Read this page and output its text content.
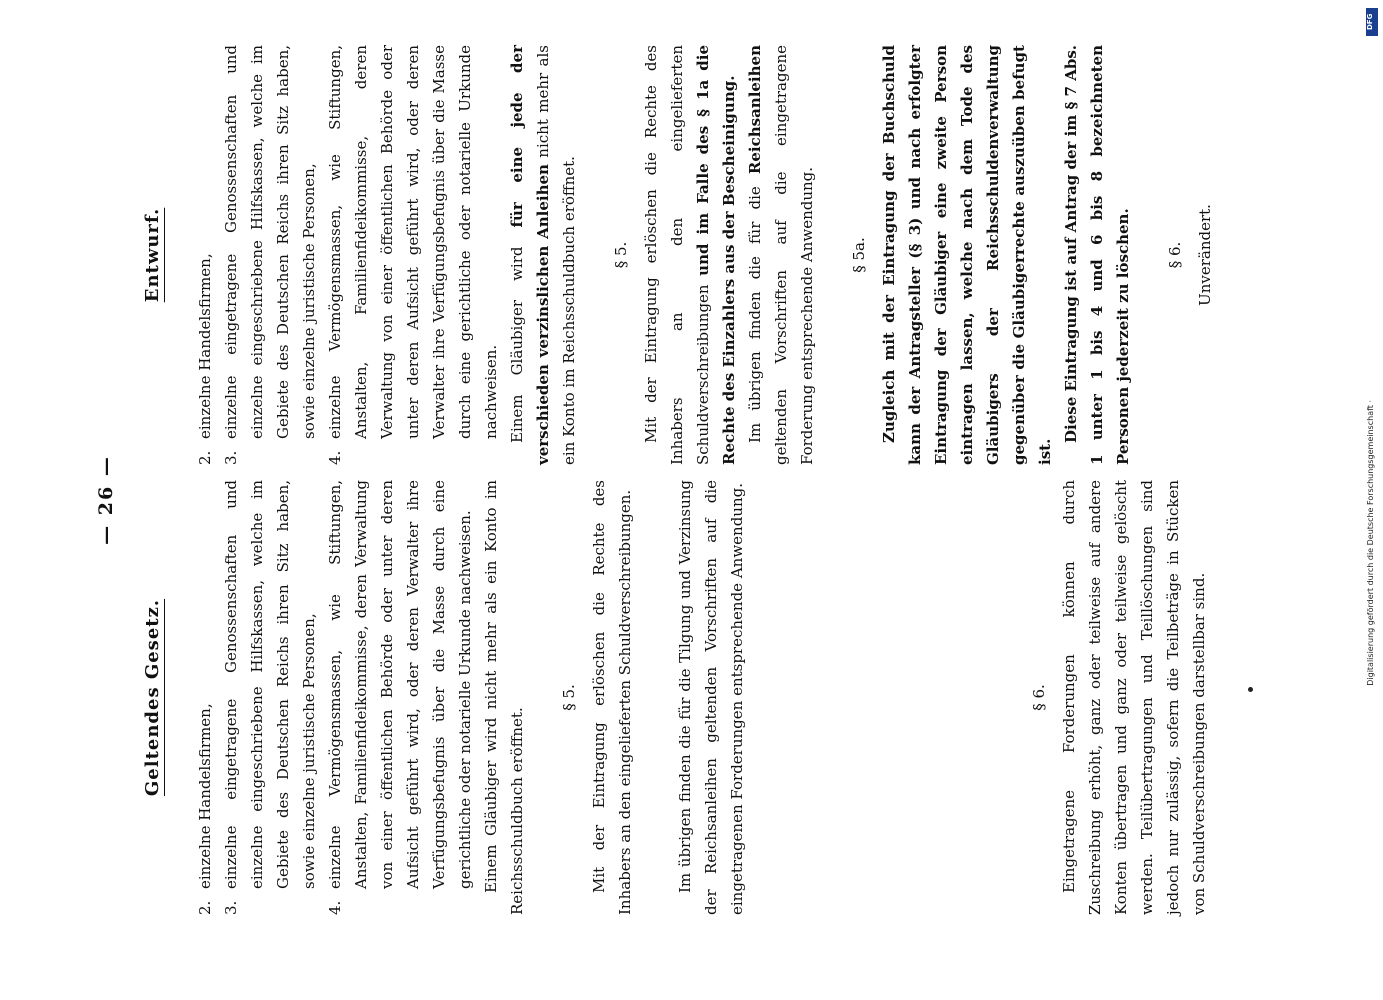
— 26 —
Geltendes Gesetz.
2.
einzelne Handelsfirmen,
3.
einzelne eingetragene Genossenschaften und einzelne eingeschriebene Hilfskassen, welche im Gebiete des Deutschen Reichs ihren Sitz haben, sowie einzelne juristische Personen,
4.
einzelne Vermögensmassen, wie Stiftungen, Anstalten, Familienfideikommisse, deren Verwaltung von einer öffentlichen Behörde oder unter deren Aufsicht geführt wird, oder deren Verwalter ihre Verfügungsbefugnis über die Masse durch eine gerichtliche oder notarielle Urkunde nachweisen. Einem Gläubiger wird nicht mehr als ein Konto im Reichsschuldbuch eröffnet.

§ 5. Mit der Eintragung erlöschen die Rechte des Inhabers an den eingelieferten Schuldverschreibungen.	Im übrigen finden die für die Tilgung und Verzinsung der Reichsanleihen geltenden Vorschriften auf die eingetragenen Forderungen entsprechende Anwendung.	§ 6. Eingetragene Forderungen können durch Zuschreibung erhöht, ganz oder teilweise auf andere Konten übertragen und ganz oder teilweise gelöscht werden. Teilübertragungen und Teillöschungen sind jedoch nur zulässig, sofern die Teilbeträge in Stücken von Schuldverschreibungen darstellbar sind.

Entwurf.
2.
einzelne Handelsfirmen,
3.
einzelne eingetragene Genossenschaften und einzelne eingeschriebene Hilfskassen, welche im Gebiete des Deutschen Reichs ihren Sitz haben, sowie einzelne juristische Personen,
4.
einzelne Vermögensmassen, wie Stiftungen, Anstalten, Familienfideikommisse, deren Verwaltung von einer öffentlichen Behörde oder unter deren Aufsicht geführt wird, oder deren Verwalter ihre Verfügungsbefugnis über die Masse durch eine gerichtliche oder notarielle Urkunde nachweisen. Einem Gläubiger wird für eine jede der verschieden verzinslichen Anleihen nicht mehr als ein Konto im Reichsschuldbuch eröffnet. § 5. Mit der Eintragung erlöschen die Rechte des Inhabers an den eingelieferten Schuldverschreibungen und im Falle des § 1a die Rechte des Einzahlers aus der Bescheinigung. Im übrigen finden die für die Reichsanleihen geltenden Vorschriften auf die eingetragene Forderung entsprechende Anwendung. § 5a. Zugleich mit der Eintragung der Buchschuld kann der Antragsteller (§ 3) und nach erfolgter Eintragung der Gläubiger eine zweite Person eintragen lassen, welche nach dem Tode des Gläubigers der Reichsschuldenverwaltung gegenüber die Gläubigerrechte auszuüben befugt ist.

Diese Eintragung ist auf Antrag der im § 7 Abs. 1 unter 1 bis 4 und 6 bis 8 bezeichneten Personen jederzeit zu löschen. § 6. Unverändert.

DFG
Digitalisierung gefördert durch die Deutsche Forschungsgemeinschaft ·
